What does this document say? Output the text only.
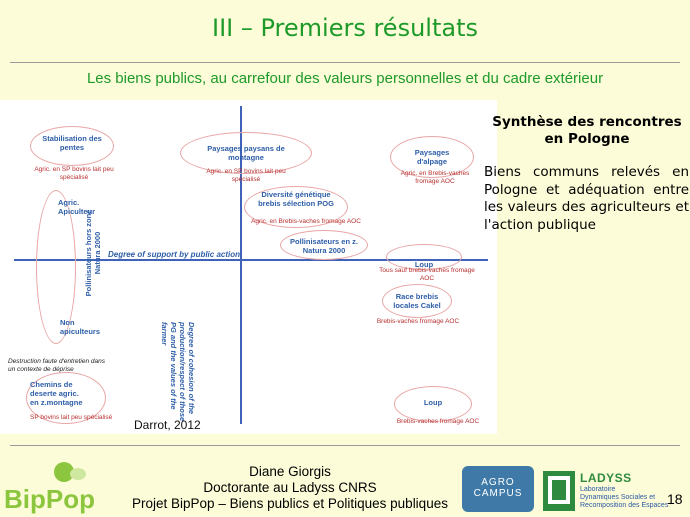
III – Premiers résultats
Les biens publics, au carrefour des valeurs personnelles et du cadre extérieur
Degree of support by public action
Degree of cohesion of the production/respect of those PG and the values of the farmer
Stabilisation des pentes
Agric. en SP bovins lait peu spécialisé
Agric. Apiculteur
Pollinisateurs hors zone Natura 2000
Non apiculteurs
Destruction faute d'entretien dans un contexte de déprise
Chemins de deserte agric. en z.montagne
SP bovins lait peu spécialisé
Paysages paysans de montagne
Agric. en SP bovins lait peu spécialisé
Diversité génétique brebis sélection POG
Agric. en Brebis-vaches fromage AOC
Pollinisateurs en z. Natura 2000
Paysages d'alpage
Agric. en Brebis-vaches fromage AOC
Loup
Tous sauf brebis-vaches fromage AOC
Race brebis locales Cakel
Brebis-vaches fromage AOC
Loup
Brebis-vaches fromage AOC
Darrot, 2012
Synthèse des rencontres en Pologne
Biens communs relevés en Pologne et adéquation entre les valeurs des agriculteurs et l'action publique
BipPop
Diane Giorgis
Doctorante au Ladyss CNRS
Projet BipPop – Biens publics et Politiques publiques
AGRO
CAMPUS
LADYSS
Laboratoire
Dynamiques Sociales et
Recomposition des Espaces
18
